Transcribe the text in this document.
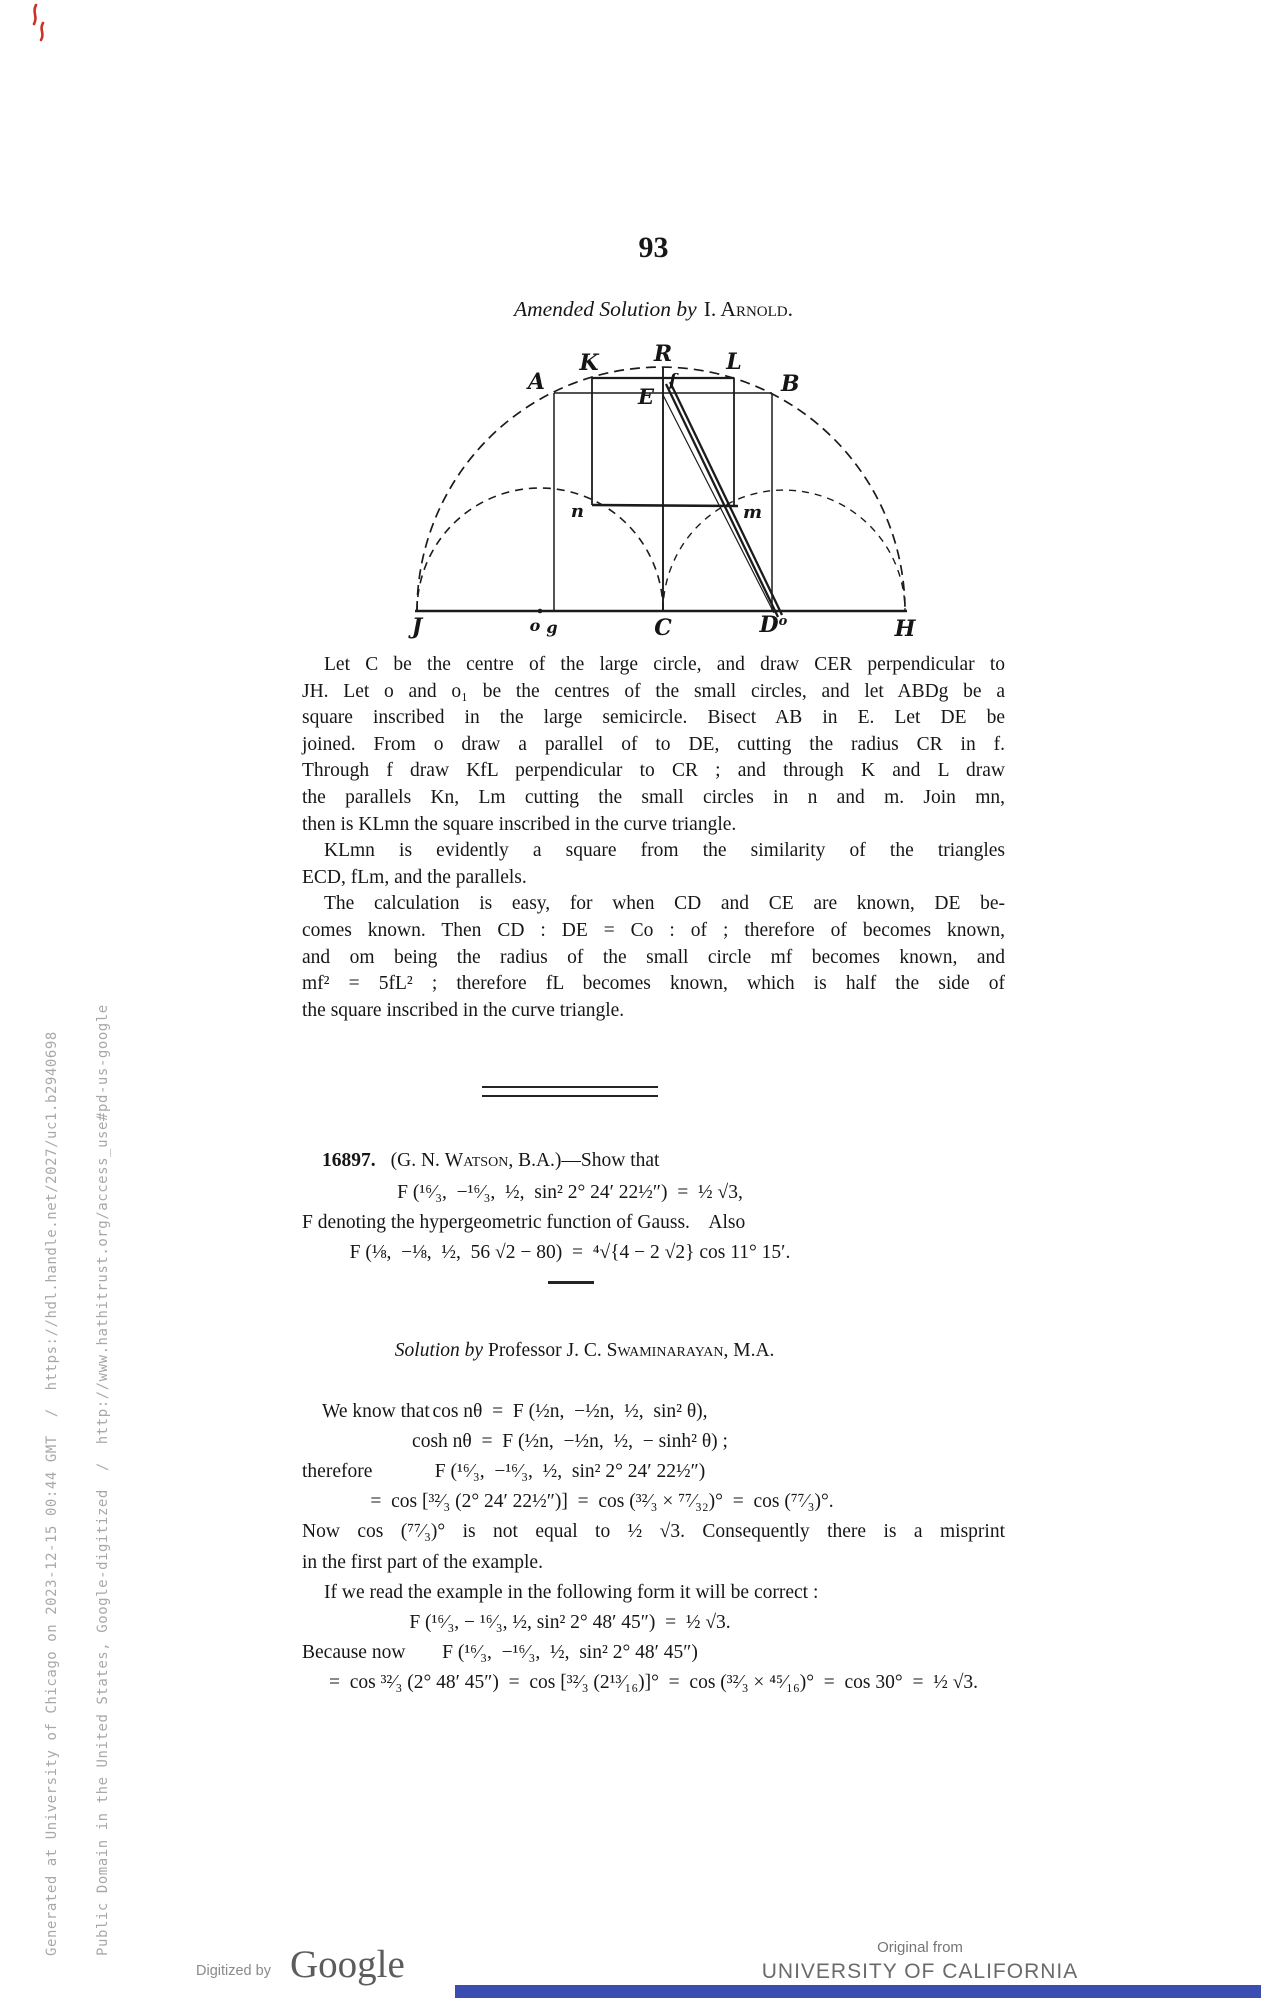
Generated at University of Chicago on 2023-12-15 00:44 GMT  /  https://hdl.handle.net/2027/uc1.b2940698

	Public Domain in the United States, Google-digitized  /  http://www.hathitrust.org/access_use#pd-us-google

93
Amended Solution by I. Arnold.
A
K	R L
B
E
f
n	m
J	o g	C	D o	H
Let C be the centre of the large circle, and draw CER perpendicular to
JH. Let o and o₁ be the centres of the small circles, and let ABDg be a
square inscribed in the large semicircle. Bisect AB in E. Let DE be
joined. From o draw a parallel of to DE, cutting the radius CR in f.
Through f draw KfL perpendicular to CR ; and through K and L draw
the parallels Kn, Lm cutting the small circles in n and m. Join mn,
then is KLmn the square inscribed in the curve triangle.
KLmn is evidently a square from the similarity of the triangles
ECD, fLm, and the parallels.
The calculation is easy, for when CD and CE are known, DE be-
comes known. Then CD : DE = Co : of ; therefore of becomes known,
and om being the radius of the small circle mf becomes known, and
mf² = 5fL² ; therefore fL becomes known, which is half the side of
the square inscribed in the curve triangle.
16897. (G. N. Watson, B.A.)—Show that
F (¹⁶⁄₃,  −¹⁶⁄₃,  ½,  sin² 2° 24′ 22½″)  =  ½ √3,
F denoting the hypergeometric function of Gauss.    Also
F (⅛,  −⅛,  ½,  56 √2 − 80)  =  ⁴√{4 − 2 √2} cos 11° 15′.

Solution by Professor J. C. Swaminarayan, M.A.

We know that cos nθ  =  F (½n,  −½n,  ½,  sin² θ),
cosh nθ  =  F (½n,  −½n,  ½,  − sinh² θ) ;
therefore	F (¹⁶⁄₃,  −¹⁶⁄₃,  ½,  sin² 2° 24′ 22½″)
=  cos [³²⁄₃ (2° 24′ 22½″)]  =  cos (³²⁄₃ × ⁷⁷⁄₃₂)°  =  cos (⁷⁷⁄₃)°.
Now cos (⁷⁷⁄₃)° is not equal to ½ √3. Consequently there is a misprint
in the first part of the example.
If we read the example in the following form it will be correct :
F (¹⁶⁄₃, − ¹⁶⁄₃, ½, sin² 2° 48′ 45″)  =  ½ √3.
Because now	F (¹⁶⁄₃,  −¹⁶⁄₃,  ½,  sin² 2° 48′ 45″)
=  cos ³²⁄₃ (2° 48′ 45″)  =  cos [³²⁄₃ (2¹³⁄₁₆)]°  =  cos (³²⁄₃ × ⁴⁵⁄₁₆)°  =  cos 30°  =  ½ √3.
Digitized by Google	Original from
UNIVERSITY OF CALIFORNIA
